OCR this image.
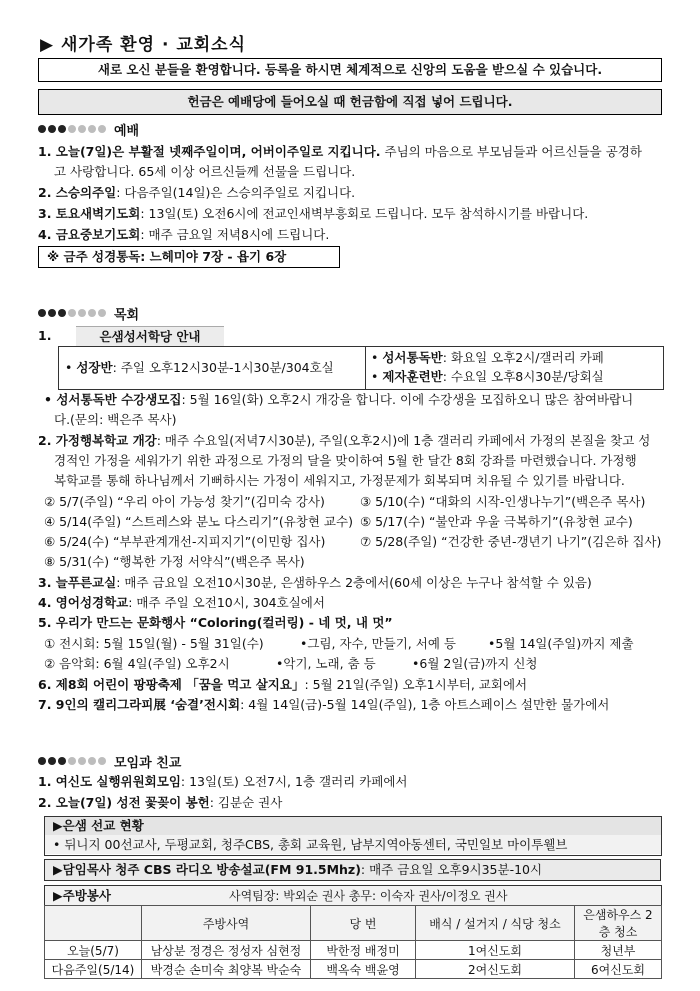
▶ 새가족 환영 · 교회소식
새로 오신 분들을 환영합니다. 등록을 하시면 체계적으로 신앙의 도움을 받으실 수 있습니다.
헌금은 예배당에 들어오실 때 헌금함에 직접 넣어 드립니다.
예배
1. 오늘(7일)은 부활절 넷째주일이며, 어버이주일로 지킵니다. 주님의 마음으로 부모님들과 어르신들을 공경하
고 사랑합니다. 65세 이상 어르신들께 선물을 드립니다.
2. 스승의주일: 다음주일(14일)은 스승의주일로 지킵니다.
3. 토요새벽기도회: 13일(토) 오전6시에 전교인새벽부흥회로 드립니다. 모두 참석하시기를 바랍니다.
4. 금요중보기도회: 매주 금요일 저녁8시에 드립니다.
※ 금주 성경통독: 느헤미야 7장 - 욥기 6장
목회
1.	은샘성서학당 안내
• 성장반: 주일 오후12시30분-1시30분/304호실
• 성서통독반: 화요일 오후2시/갤러리 카페
• 제자훈련반: 수요일 오후8시30분/당회실
• 성서통독반 수강생모집: 5월 16일(화) 오후2시 개강을 합니다. 이에 수강생을 모집하오니 많은 참여바랍니
다.(문의: 백은주 목사)
2. 가정행복학교 개강: 매주 수요일(저녁7시30분), 주일(오후2시)에 1층 갤러리 카페에서 가정의 본질을 찾고 성
경적인 가정을 세워가기 위한 과정으로 가정의 달을 맞이하여 5월 한 달간 8회 강좌를 마련했습니다. 가정행
복학교를 통해 하나님께서 기뻐하시는 가정이 세워지고, 가정문제가 회복되며 치유될 수 있기를 바랍니다.
② 5/7(주일) “우리 아이 가능성 찾기”(김미숙 강사)	③ 5/10(수) “대화의 시작-인생나누기”(백은주 목사)
④ 5/14(주일) “스트레스와 분노 다스리기”(유창현 교수) ⑤ 5/17(수) “불안과 우울 극복하기”(유창현 교수)
⑥ 5/24(수) “부부관계개선-지피지기”(이민항 집사)	⑦ 5/28(주일) “건강한 중년-갱년기 나기”(김은하 집사)
⑧ 5/31(수) “행복한 가정 서약식”(백은주 목사)
3. 늘푸른교실: 매주 금요일 오전10시30분, 은샘하우스 2층에서(60세 이상은 누구나 참석할 수 있음)
4. 영어성경학교: 매주 주일 오전10시, 304호실에서
5. 우리가 만드는 문화행사 “Coloring(컬러링) - 네 멋, 내 멋”
① 전시회: 5월 15일(월) - 5월 31일(수)	•그림, 자수, 만들기, 서예 등	•5월 14일(주일)까지 제출
② 음악회: 6월 4일(주일) 오후2시	•악기, 노래, 춤 등	•6월 2일(금)까지 신청
6. 제8회 어린이 팡팡축제 「꿈을 먹고 살지요」: 5월 21일(주일) 오후1시부터, 교회에서
7. 9인의 캘리그라피展 ‘숨결’전시회: 4월 14일(금)-5월 14일(주일), 1층 아트스페이스 설만한 물가에서
모임과 친교
1. 여신도 실행위원회모임: 13일(토) 오전7시, 1층 갤러리 카페에서
2. 오늘(7일) 성전 꽃꽂이 봉헌: 김분순 권사
▶은샘 선교 현황
• 뒤니지 00선교사, 두평교회, 청주CBS, 총회 교육원, 남부지역아동센터, 국민일보 마이투웰브
▶담임목사 청주 CBS 라디오 방송설교(FM 91.5Mhz): 매주 금요일 오후9시35분-10시
▶주방봉사	사역팀장: 박외순 권사 총무: 이숙자 권사/이정오 권사
	주방사역	당 번	배식 / 설거지 / 식당 청소	은샘하우스 2층 청소
오늘(5/7)	남상분 정경은 정성자 심현정	박한정 배정미	1여신도회	청년부
다음주일(5/14)	박경순 손미숙 최양복 박순숙	백옥숙 백윤영	2여신도회	6여신도회
